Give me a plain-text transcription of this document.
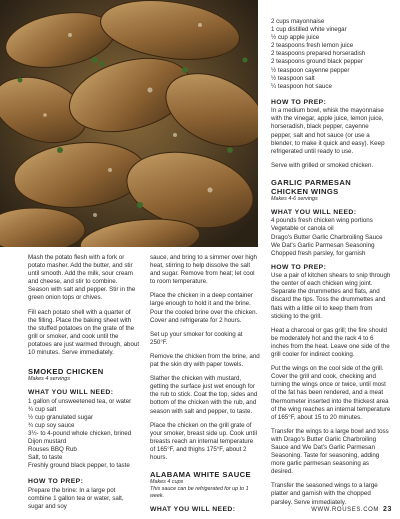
Mash the potato flesh with a fork or potato masher. Add the butter, and stir until smooth. Add the milk, sour cream and cheese, and stir to combine. Season with salt and pepper. Stir in the green onion tops or chives.

Fill each potato shell with a quarter of the filling. Place the baking sheet with the stuffed potatoes on the grate of the grill or smoker, and cook until the potatoes are just warmed through, about 10 minutes. Serve immediately.

SMOKED CHICKEN
Makes 4 servings
WHAT YOU WILL NEED:
1 gallon of unsweetened tea, or water
¾ cup salt
½ cup granulated sugar
¾ cup soy sauce
3½- to 4-pound whole chicken, brined
Dijon mustard
Rouses BBQ Rub
Salt, to taste
Freshly ground black pepper, to taste
HOW TO PREP:

Prepare the brine: In a large pot combine 1 gallon tea or water, salt, sugar and soy

sauce, and bring to a simmer over high heat, stirring to help dissolve the salt and sugar. Remove from heat; let cool to room temperature.

Place the chicken in a deep container large enough to hold it and the brine. Pour the cooled brine over the chicken. Cover and refrigerate for 2 hours.

Set up your smoker for cooking at 250°F.

Remove the chicken from the brine, and pat the skin dry with paper towels.

Slather the chicken with mustard, getting the surface just wet enough for the rub to stick. Coat the top, sides and bottom of the chicken with the rub, and season with salt and pepper, to taste.

Place the chicken on the grill grate of your smoker, breast side up. Cook until breasts reach an internal temperature of 165°F, and thighs 175°F, about 2 hours.

ALABAMA WHITE SAUCE
Makes 4 cups
This sauce can be refrigerated for up to 1 week.
WHAT YOU WILL NEED:
2 cups mayonnaise
1 cup distilled white vinegar
½ cup apple juice
2 teaspoons fresh lemon juice
2 teaspoons prepared horseradish
2 teaspoons ground black pepper
½ teaspoon cayenne pepper
½ teaspoon salt
¼ teaspoon hot sauce
HOW TO PREP:

In a medium bowl, whisk the mayonnaise with the vinegar, apple juice, lemon juice, horseradish, black pepper, cayenne pepper, salt and hot sauce (or use a blender, to make it quick and easy). Keep refrigerated until ready to use.

Serve with grilled or smoked chicken.

GARLIC PARMESAN
CHICKEN WINGS
Makes 4-6 servings
WHAT YOU WILL NEED:
4 pounds fresh chicken wing portions
Vegetable or canola oil
Drago's Butter Garlic Charbroiling Sauce
We Dat's Garlic Parmesan Seasoning
Chopped fresh parsley, for garnish
HOW TO PREP:

Use a pair of kitchen shears to snip through the center of each chicken wing joint. Separate the drummettes and flats, and discard the tips. Toss the drummettes and flats with a little oil to keep them from sticking to the grill.

Heat a charcoal or gas grill; the fire should be moderately hot and the rack 4 to 6 inches from the heat. Leave one side of the grill cooler for indirect cooking.

Put the wings on the cool side of the grill. Cover the grill and cook, checking and turning the wings once or twice, until most of the fat has been rendered, and a meat thermometer inserted into the thickest area of the wing reaches an internal temperature of 165°F, about 15 to 20 minutes.

Transfer the wings to a large bowl and toss with Drago's Butter Garlic Charbroiling Sauce and We Dat's Garlic Parmesan Seasoning. Taste for seasoning, adding more garlic parmesan seasoning as desired.

Transfer the seasoned wings to a large platter and garnish with the chopped parsley. Serve immediately.

WWW.ROUSES.COM 23
